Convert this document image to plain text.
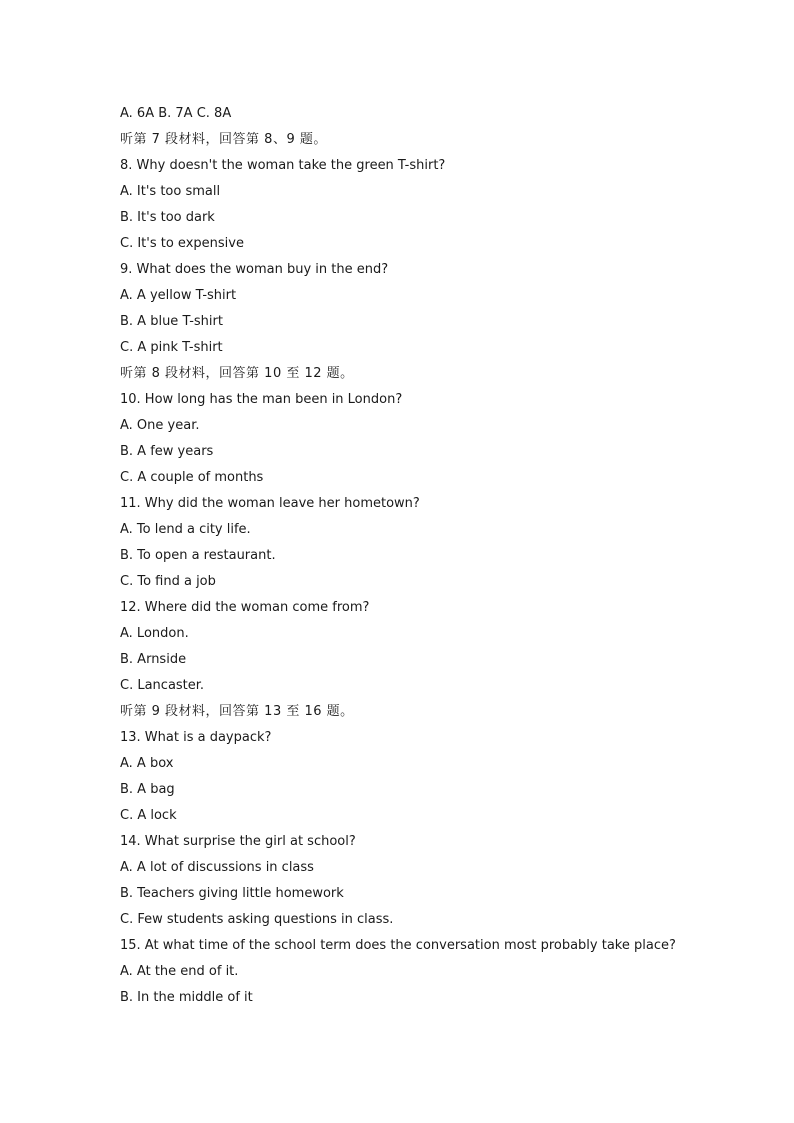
A. 6A B. 7A C. 8A
听第 7 段材料，回答第 8、9 题。
8. Why doesn't the woman take the green T-shirt?
A. It's too small
B. It's too dark
C. It's to expensive
9. What does the woman buy in the end?
A. A yellow T-shirt
B. A blue T-shirt
C. A pink T-shirt
听第 8 段材料，回答第 10 至 12 题。
10. How long has the man been in London?
A. One year.
B. A few years
C. A couple of months
11. Why did the woman leave her hometown?
A. To lend a city life.
B. To open a restaurant.
C. To find a job
12. Where did the woman come from?
A. London.
B. Arnside
C. Lancaster.
听第 9 段材料，回答第 13 至 16 题。
13. What is a daypack?
A. A box
B. A bag
C. A lock
14. What surprise the girl at school?
A. A lot of discussions in class
B. Teachers giving little homework
C. Few students asking questions in class.
15. At what time of the school term does the conversation most probably take place?
A. At the end of it.
B. In the middle of it
